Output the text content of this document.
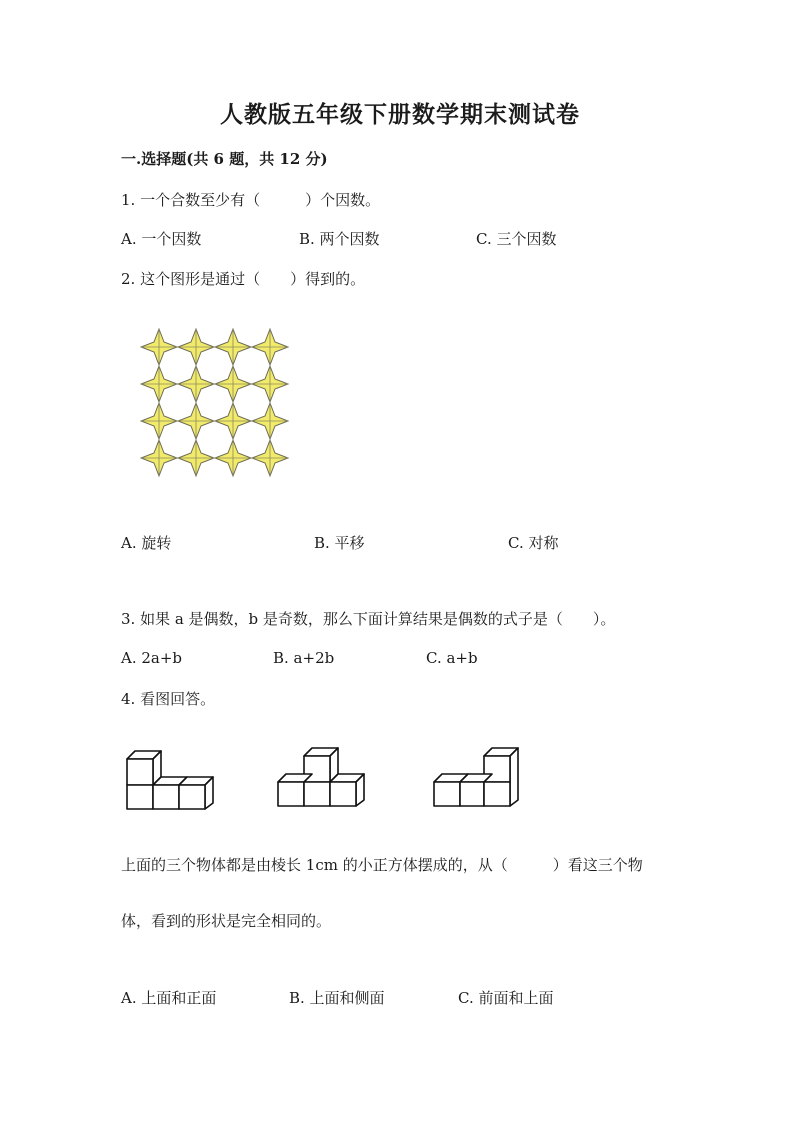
人教版五年级下册数学期末测试卷
一.选择题(共 6 题，共 12 分)
1. 一个合数至少有（　　　）个因数。
A. 一个因数	B. 两个因数	C. 三个因数
2. 这个图形是通过（　　）得到的。
A. 旋转	B. 平移	C. 对称
3. 如果 a 是偶数，b 是奇数，那么下面计算结果是偶数的式子是（　　）。
A. 2a+b	B. a+2b	C. a+b
4. 看图回答。
上面的三个物体都是由棱长 1cm 的小正方体摆成的，从（　　　）看这三个物
体，看到的形状是完全相同的。
A. 上面和正面	B. 上面和侧面	C. 前面和上面
